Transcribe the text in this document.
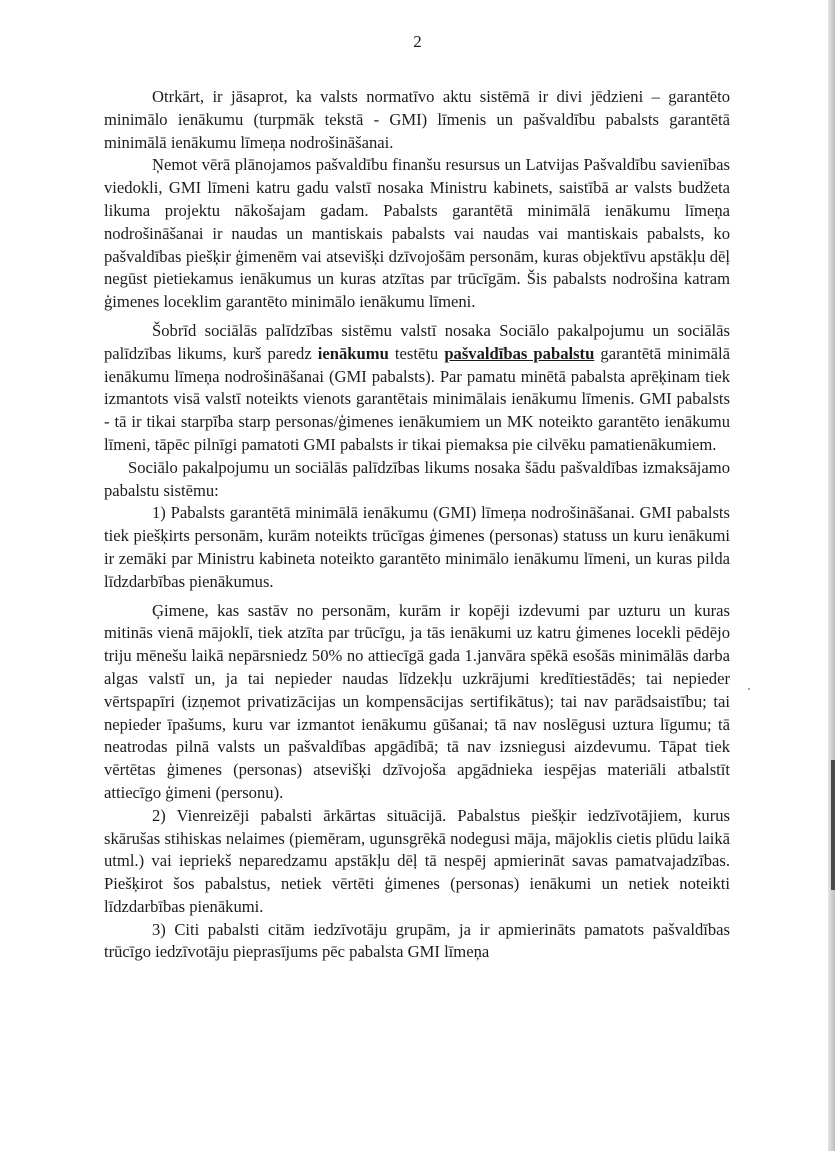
2

Otrkārt, ir jāsaprot, ka valsts normatīvo aktu sistēmā ir divi jēdzieni – garantēto minimālo ienākumu (turpmāk tekstā - GMI) līmenis un pašvaldību pabalsts garantētā minimālā ienākumu līmeņa nodrošināšanai.

Ņemot vērā plānojamos pašvaldību finanšu resursus un Latvijas Pašvaldību savienības viedokli, GMI līmeni katru gadu valstī nosaka Ministru kabinets, saistībā ar valsts budžeta likuma projektu nākošajam gadam. Pabalsts garantētā minimālā ienākumu līmeņa nodrošināšanai ir naudas un mantiskais pabalsts vai naudas vai mantiskais pabalsts, ko pašvaldības piešķir ģimenēm vai atsevišķi dzīvojošām personām, kuras objektīvu apstākļu dēļ negūst pietiekamus ienākumus un kuras atzītas par trūcīgām. Šis pabalsts nodrošina katram ģimenes loceklim garantēto minimālo ienākumu līmeni.

Šobrīd sociālās palīdzības sistēmu valstī nosaka Sociālo pakalpojumu un sociālās palīdzības likums, kurš paredz ienākumu testētu pašvaldības pabalstu garantētā minimālā ienākumu līmeņa nodrošināšanai (GMI pabalsts). Par pamatu minētā pabalsta aprēķinam tiek izmantots visā valstī noteikts vienots garantētais minimālais ienākumu līmenis. GMI pabalsts - tā ir tikai starpība starp personas/ģimenes ienākumiem un MK noteikto garantēto ienākumu līmeni, tāpēc pilnīgi pamatoti GMI pabalsts ir tikai piemaksa pie cilvēku pamatienākumiem.

Sociālo pakalpojumu un sociālās palīdzības likums nosaka šādu pašvaldības izmaksājamo pabalstu sistēmu:

1) Pabalsts garantētā minimālā ienākumu (GMI) līmeņa nodrošināšanai. GMI pabalsts tiek piešķirts personām, kurām noteikts trūcīgas ģimenes (personas) statuss un kuru ienākumi ir zemāki par Ministru kabineta noteikto garantēto minimālo ienākumu līmeni, un kuras pilda līdzdarbības pienākumus.

Ģimene, kas sastāv no personām, kurām ir kopēji izdevumi par uzturu un kuras mitinās vienā mājoklī, tiek atzīta par trūcīgu, ja tās ienākumi uz katru ģimenes locekli pēdējo triju mēnešu laikā nepārsniedz 50% no attiecīgā gada 1.janvāra spēkā esošās minimālās darba algas valstī un, ja tai nepieder naudas līdzekļu uzkrājumi kredītiestādēs; tai nepieder vērtspapīri (izņemot privatizācijas un kompensācijas sertifikātus); tai nav parādsaistību; tai nepieder īpašums, kuru var izmantot ienākumu gūšanai; tā nav noslēgusi uztura līgumu; tā neatrodas pilnā valsts un pašvaldības apgādībā; tā nav izsniegusi aizdevumu. Tāpat tiek vērtētas ģimenes (personas) atsevišķi dzīvojoša apgādnieka iespējas materiāli atbalstīt attiecīgo ģimeni (personu).

2) Vienreizēji pabalsti ārkārtas situācijā. Pabalstus piešķir iedzīvotājiem, kurus skārušas stihiskas nelaimes (piemēram, ugunsgrēkā nodegusi māja, mājoklis cietis plūdu laikā utml.) vai iepriekš neparedzamu apstākļu dēļ tā nespēj apmierināt savas pamatvajadzības. Piešķirot šos pabalstus, netiek vērtēti ģimenes (personas) ienākumi un netiek noteikti līdzdarbības pienākumi.

3) Citi pabalsti citām iedzīvotāju grupām, ja ir apmierināts pamatots pašvaldības trūcīgo iedzīvotāju pieprasījums pēc pabalsta GMI līmeņa
